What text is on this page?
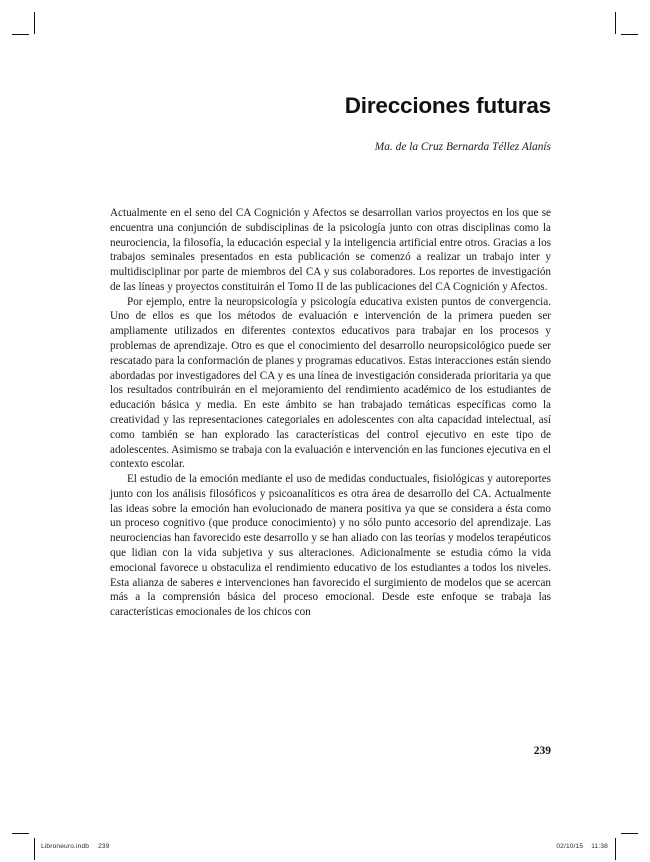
Direcciones futuras
Ma. de la Cruz Bernarda Téllez Alanís

Actualmente en el seno del CA Cognición y Afectos se desarrollan varios proyectos en los que se encuentra una conjunción de subdisciplinas de la psicología junto con otras disciplinas como la neurociencia, la filosofía, la educación especial y la inteligencia artificial entre otros. Gracias a los trabajos seminales presentados en esta publicación se comenzó a realizar un trabajo inter y multidisciplinar por parte de miembros del CA y sus colaboradores. Los reportes de investigación de las líneas y proyectos constituirán el Tomo II de las publicaciones del CA Cognición y Afectos.

Por ejemplo, entre la neuropsicología y psicología educativa existen puntos de convergencia. Uno de ellos es que los métodos de evaluación e intervención de la primera pueden ser ampliamente utilizados en diferentes contextos educativos para trabajar en los procesos y problemas de aprendizaje. Otro es que el conocimiento del desarrollo neuropsicológico puede ser rescatado para la conformación de planes y programas educativos. Estas interacciones están siendo abordadas por investigadores del CA y es una línea de investigación considerada prioritaria ya que los resultados contribuirán en el mejoramiento del rendimiento académico de los estudiantes de educación básica y media. En este ámbito se han trabajado temáticas específicas como la creatividad y las representaciones categoriales en adolescentes con alta capacidad intelectual, así como también se han explorado las características del control ejecutivo en este tipo de adolescentes. Asimismo se trabaja con la evaluación e intervención en las funciones ejecutiva en el contexto escolar.

El estudio de la emoción mediante el uso de medidas conductuales, fisiológicas y autoreportes junto con los análisis filosóficos y psicoanalíticos es otra área de desarrollo del CA. Actualmente las ideas sobre la emoción han evolucionado de manera positiva ya que se considera a ésta como un proceso cognitivo (que produce conocimiento) y no sólo punto accesorio del aprendizaje. Las neurociencias han favorecido este desarrollo y se han aliado con las teorías y modelos terapéuticos que lidian con la vida subjetiva y sus alteraciones. Adicionalmente se estudia cómo la vida emocional favorece u obstaculiza el rendimiento educativo de los estudiantes a todos los niveles. Esta alianza de saberes e intervenciones han favorecido el surgimiento de modelos que se acercan más a la comprensión básica del proceso emocional. Desde este enfoque se trabaja las características emocionales de los chicos con

239
Libroneuro.indb 239	02/10/15 11:38
